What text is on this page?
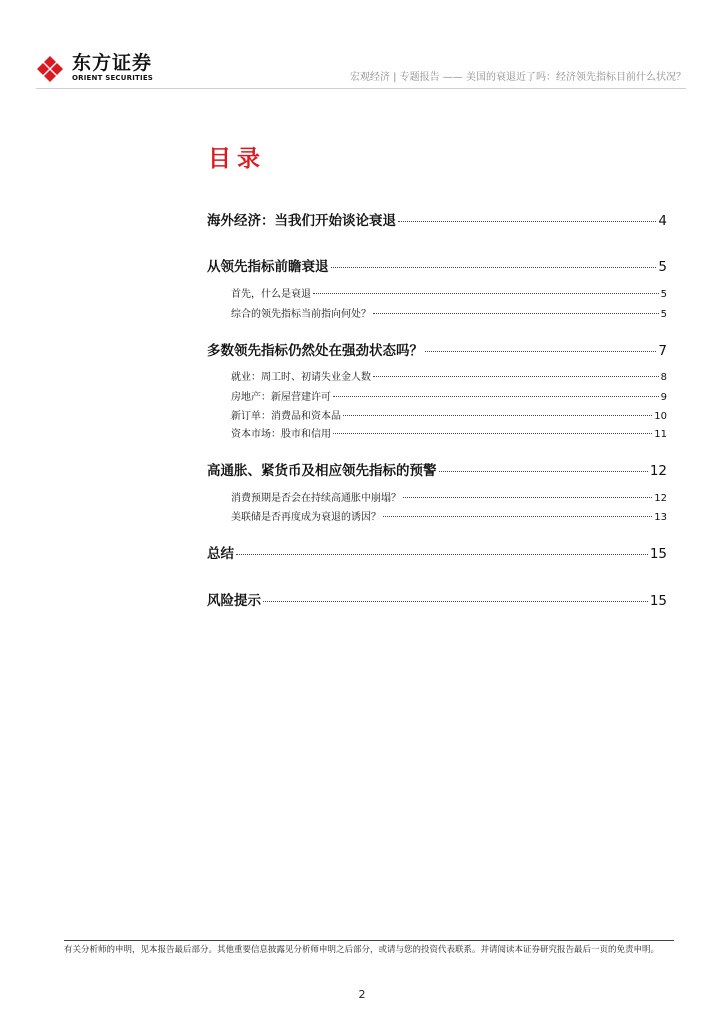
东方证券
ORIENT SECURITIES	宏观经济 | 专题报告 —— 美国的衰退近了吗：经济领先指标目前什么状况？
目录
海外经济：当我们开始谈论衰退	4
从领先指标前瞻衰退	5
首先，什么是衰退	5
综合的领先指标当前指向何处？	5
多数领先指标仍然处在强劲状态吗？	7
就业：周工时、初请失业金人数	8
房地产：新屋营建许可	9
新订单：消费品和资本品	10
资本市场：股市和信用	11
高通胀、紧货币及相应领先指标的预警	12
消费预期是否会在持续高通胀中崩塌？	12
美联储是否再度成为衰退的诱因？	13
总结	15
风险提示	15
有关分析师的申明，见本报告最后部分。其他重要信息披露见分析师申明之后部分，或请与您的投资代表联系。并请阅读本证券研究报告最后一页的免责申明。
2
